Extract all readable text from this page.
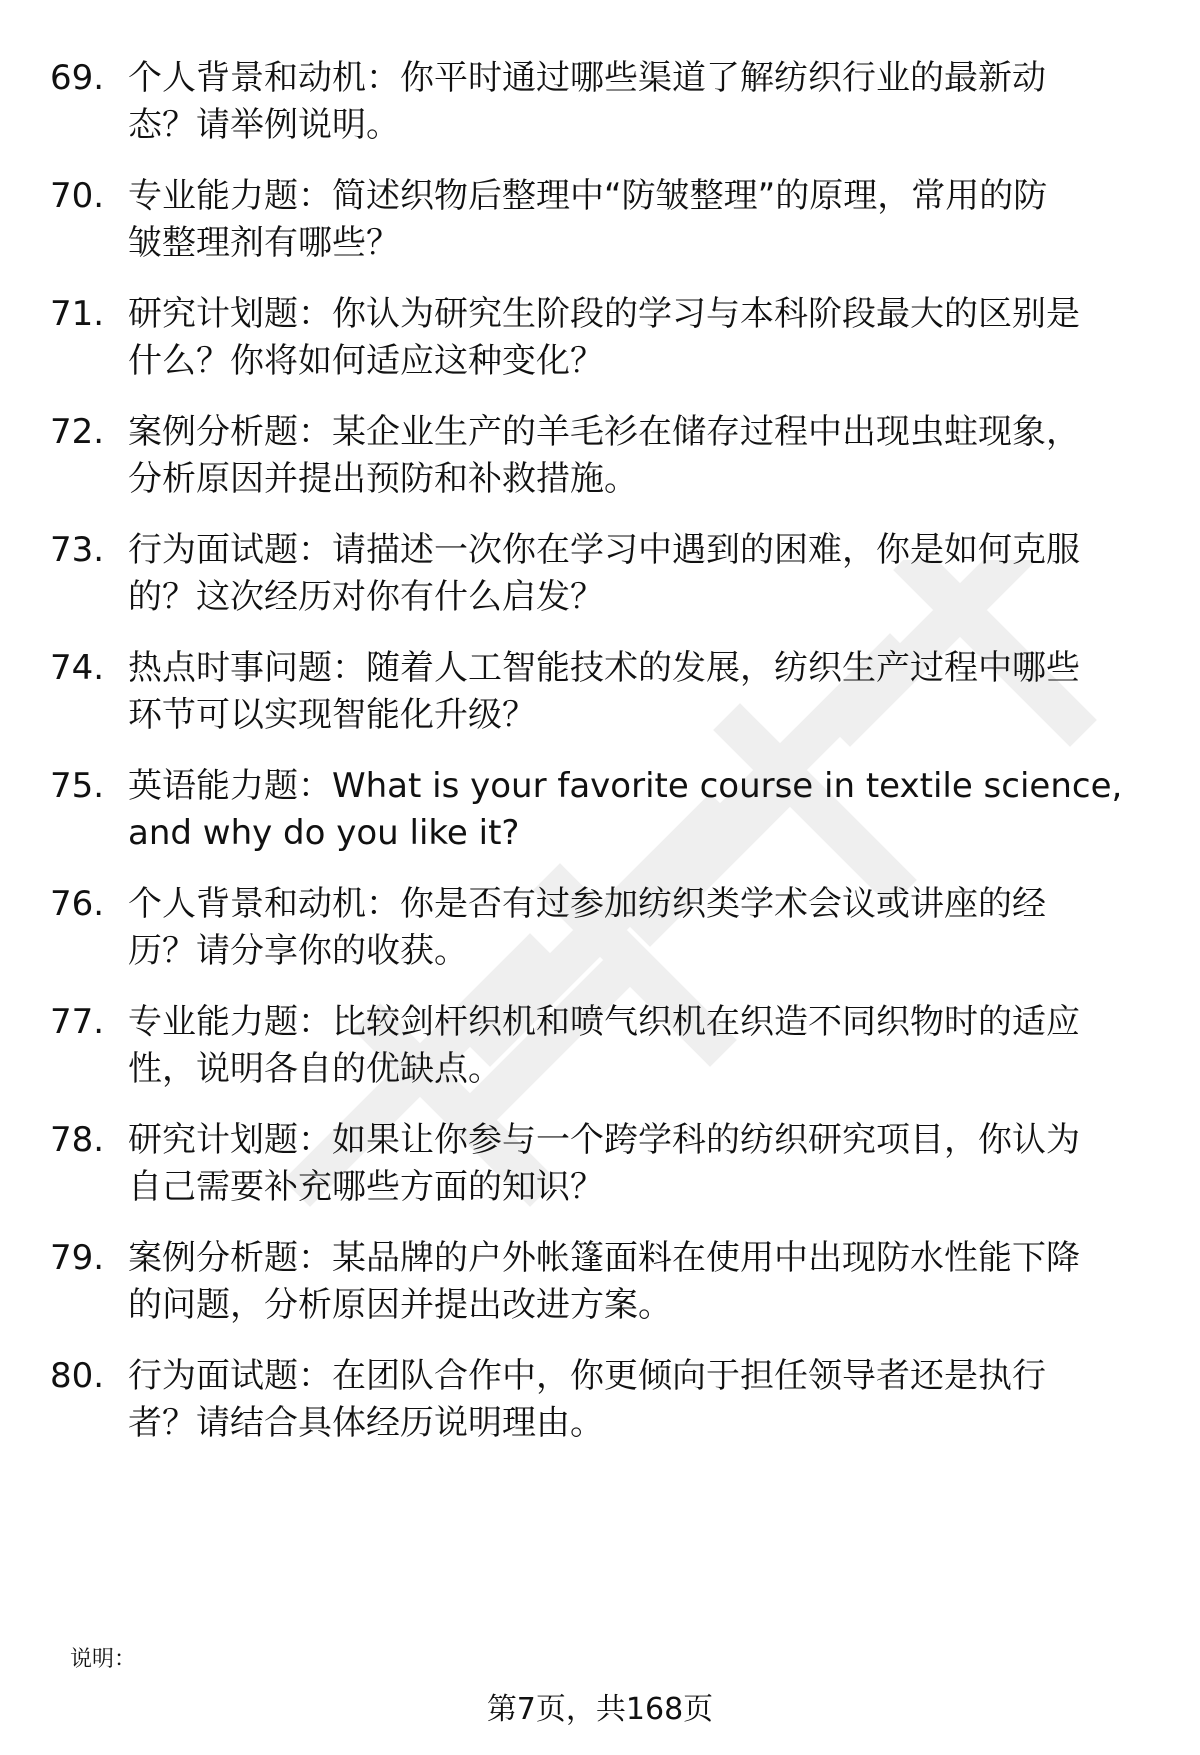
69. 个人背景和动机：你平时通过哪些渠道了解纺织行业的最新动
态？请举例说明。
70. 专业能力题：简述织物后整理中“防皱整理”的原理，常用的防
皱整理剂有哪些？
71. 研究计划题：你认为研究生阶段的学习与本科阶段最大的区别是
什么？你将如何适应这种变化？
72. 案例分析题：某企业生产的羊毛衫在储存过程中出现虫蛀现象，
分析原因并提出预防和补救措施。
73. 行为面试题：请描述一次你在学习中遇到的困难，你是如何克服
的？这次经历对你有什么启发？
74. 热点时事问题：随着人工智能技术的发展，纺织生产过程中哪些
环节可以实现智能化升级？
75. 英语能力题：What is your favorite course in textile science,
and why do you like it?
76. 个人背景和动机：你是否有过参加纺织类学术会议或讲座的经
历？请分享你的收获。
77. 专业能力题：比较剑杆织机和喷气织机在织造不同织物时的适应
性，说明各自的优缺点。
78. 研究计划题：如果让你参与一个跨学科的纺织研究项目，你认为
自己需要补充哪些方面的知识？
79. 案例分析题：某品牌的户外帐篷面料在使用中出现防水性能下降
的问题，分析原因并提出改进方案。
80. 行为面试题：在团队合作中，你更倾向于担任领导者还是执行
者？请结合具体经历说明理由。
说明：
第7页，共168页
